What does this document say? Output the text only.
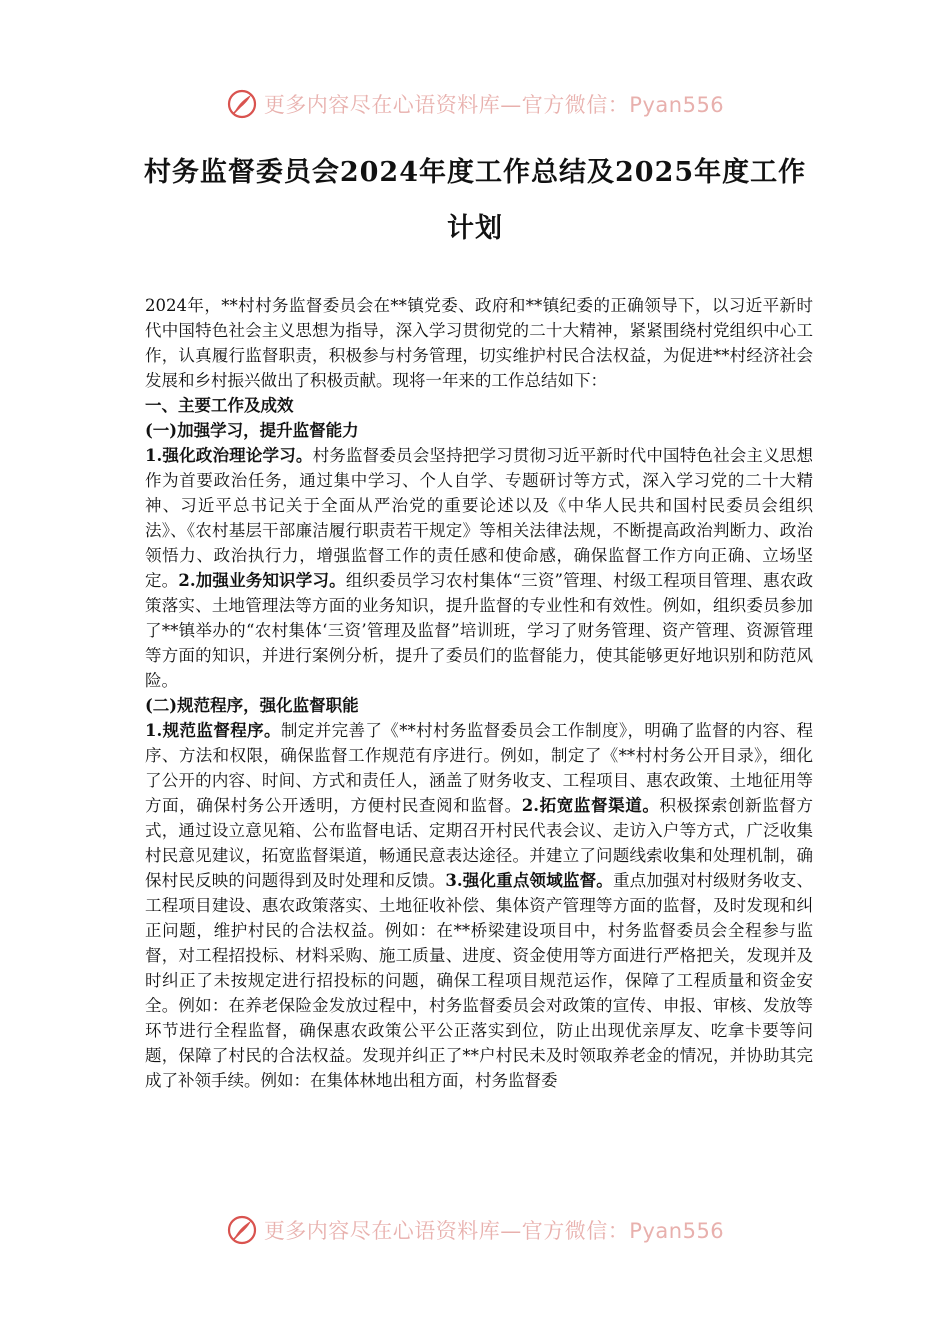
更多内容尽在心语资料库—官方微信：Pyan556
村务监督委员会2024年度工作总结及2025年度工作计划

2024年，**村村务监督委员会在**镇党委、政府和**镇纪委的正确领导下，以习近平新时代中国特色社会主义思想为指导，深入学习贯彻党的二十大精神，紧紧围绕村党组织中心工作，认真履行监督职责，积极参与村务管理，切实维护村民合法权益，为促进**村经济社会发展和乡村振兴做出了积极贡献。现将一年来的工作总结如下：

一、主要工作及成效

(一)加强学习，提升监督能力

1.强化政治理论学习。村务监督委员会坚持把学习贯彻习近平新时代中国特色社会主义思想作为首要政治任务，通过集中学习、个人自学、专题研讨等方式，深入学习党的二十大精神、习近平总书记关于全面从严治党的重要论述以及《中华人民共和国村民委员会组织法》、《农村基层干部廉洁履行职责若干规定》等相关法律法规，不断提高政治判断力、政治领悟力、政治执行力，增强监督工作的责任感和使命感，确保监督工作方向正确、立场坚定。2.加强业务知识学习。组织委员学习农村集体“三资”管理、村级工程项目管理、惠农政策落实、土地管理法等方面的业务知识，提升监督的专业性和有效性。例如，组织委员参加了**镇举办的“农村集体‘三资’管理及监督”培训班，学习了财务管理、资产管理、资源管理等方面的知识，并进行案例分析，提升了委员们的监督能力，使其能够更好地识别和防范风险。

(二)规范程序，强化监督职能

1.规范监督程序。制定并完善了《**村村务监督委员会工作制度》，明确了监督的内容、程序、方法和权限，确保监督工作规范有序进行。例如，制定了《**村村务公开目录》，细化了公开的内容、时间、方式和责任人，涵盖了财务收支、工程项目、惠农政策、土地征用等方面，确保村务公开透明，方便村民查阅和监督。2.拓宽监督渠道。积极探索创新监督方式，通过设立意见箱、公布监督电话、定期召开村民代表会议、走访入户等方式，广泛收集村民意见建议，拓宽监督渠道，畅通民意表达途径。并建立了问题线索收集和处理机制，确保村民反映的问题得到及时处理和反馈。3.强化重点领域监督。重点加强对村级财务收支、工程项目建设、惠农政策落实、土地征收补偿、集体资产管理等方面的监督，及时发现和纠正问题，维护村民的合法权益。例如：在**桥梁建设项目中，村务监督委员会全程参与监督，对工程招投标、材料采购、施工质量、进度、资金使用等方面进行严格把关，发现并及时纠正了未按规定进行招投标的问题，确保工程项目规范运作，保障了工程质量和资金安全。例如：在养老保险金发放过程中，村务监督委员会对政策的宣传、申报、审核、发放等环节进行全程监督，确保惠农政策公平公正落实到位，防止出现优亲厚友、吃拿卡要等问题，保障了村民的合法权益。发现并纠正了**户村民未及时领取养老金的情况，并协助其完成了补领手续。例如：在集体林地出租方面，村务监督委

更多内容尽在心语资料库—官方微信：Pyan556
